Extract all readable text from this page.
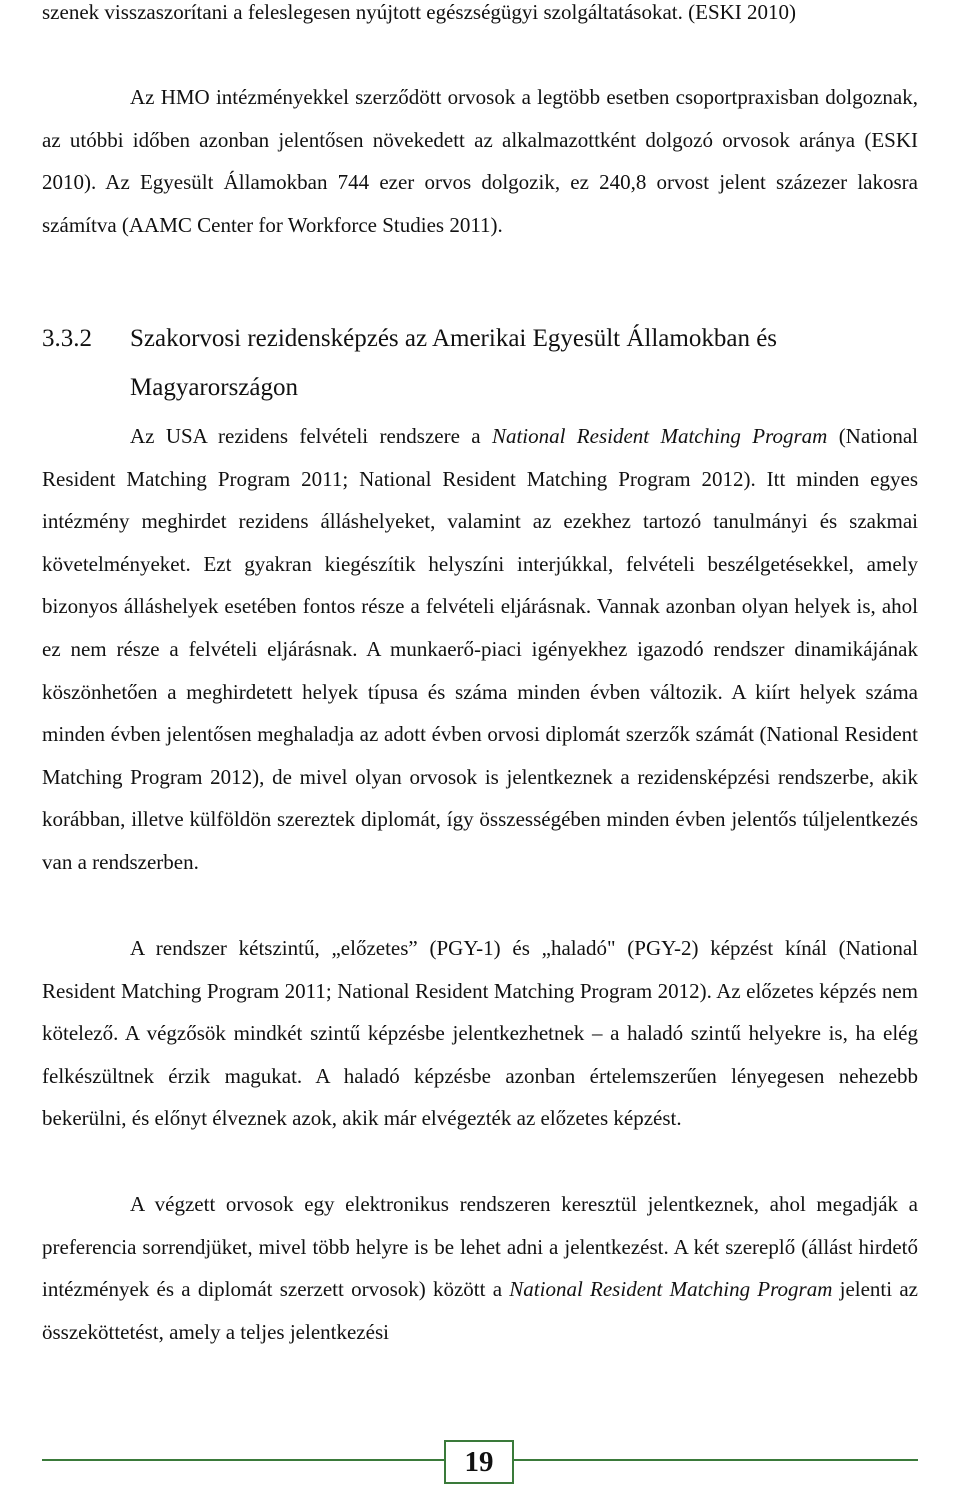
szenek visszaszorítani a feleslegesen nyújtott egészségügyi szolgáltatásokat. (ESKI 2010)

Az HMO intézményekkel szerződött orvosok a legtöbb esetben csoportpraxisban dolgoznak, az utóbbi időben azonban jelentősen növekedett az alkalmazottként dolgozó orvosok aránya (ESKI 2010). Az Egyesült Államokban 744 ezer orvos dolgozik, ez 240,8 orvost jelent százezer lakosra számítva (AAMC Center for Workforce Studies 2011).

3.3.2 Szakorvosi rezidensképzés az Amerikai Egyesült Államokban és
Magyarországon

Az USA rezidens felvételi rendszere a National Resident Matching Program (National Resident Matching Program 2011; National Resident Matching Program 2012). Itt minden egyes intézmény meghirdet rezidens álláshelyeket, valamint az ezekhez tartozó tanulmányi és szakmai követelményeket. Ezt gyakran kiegészítik helyszíni interjúkkal, felvételi beszélgetésekkel, amely bizonyos álláshelyek esetében fontos része a felvételi eljárásnak. Vannak azonban olyan helyek is, ahol ez nem része a felvételi eljárásnak. A munkaerő-piaci igényekhez igazodó rendszer dinamikájának köszönhetően a meghirdetett helyek típusa és száma minden évben változik. A kiírt helyek száma minden évben jelentősen meghaladja az adott évben orvosi diplomát szerzők számát (National Resident Matching Program 2012), de mivel olyan orvosok is jelentkeznek a rezidensképzési rendszerbe, akik korábban, illetve külföldön szereztek diplomát, így összességében minden évben jelentős túljelentkezés van a rendszerben.

A rendszer kétszintű, „előzetes” (PGY-1) és „haladó" (PGY-2) képzést kínál (National Resident Matching Program 2011; National Resident Matching Program 2012). Az előzetes képzés nem kötelező. A végzősök mindkét szintű képzésbe jelentkezhetnek – a haladó szintű helyekre is, ha elég felkészültnek érzik magukat. A haladó képzésbe azonban értelemszerűen lényegesen nehezebb bekerülni, és előnyt élveznek azok, akik már elvégezték az előzetes képzést.

A végzett orvosok egy elektronikus rendszeren keresztül jelentkeznek, ahol megadják a preferencia sorrendjüket, mivel több helyre is be lehet adni a jelentkezést. A két szereplő (állást hirdető intézmények és a diplomát szerzett orvosok) között a National Resident Matching Program jelenti az összeköttetést, amely a teljes jelentkezési

19
